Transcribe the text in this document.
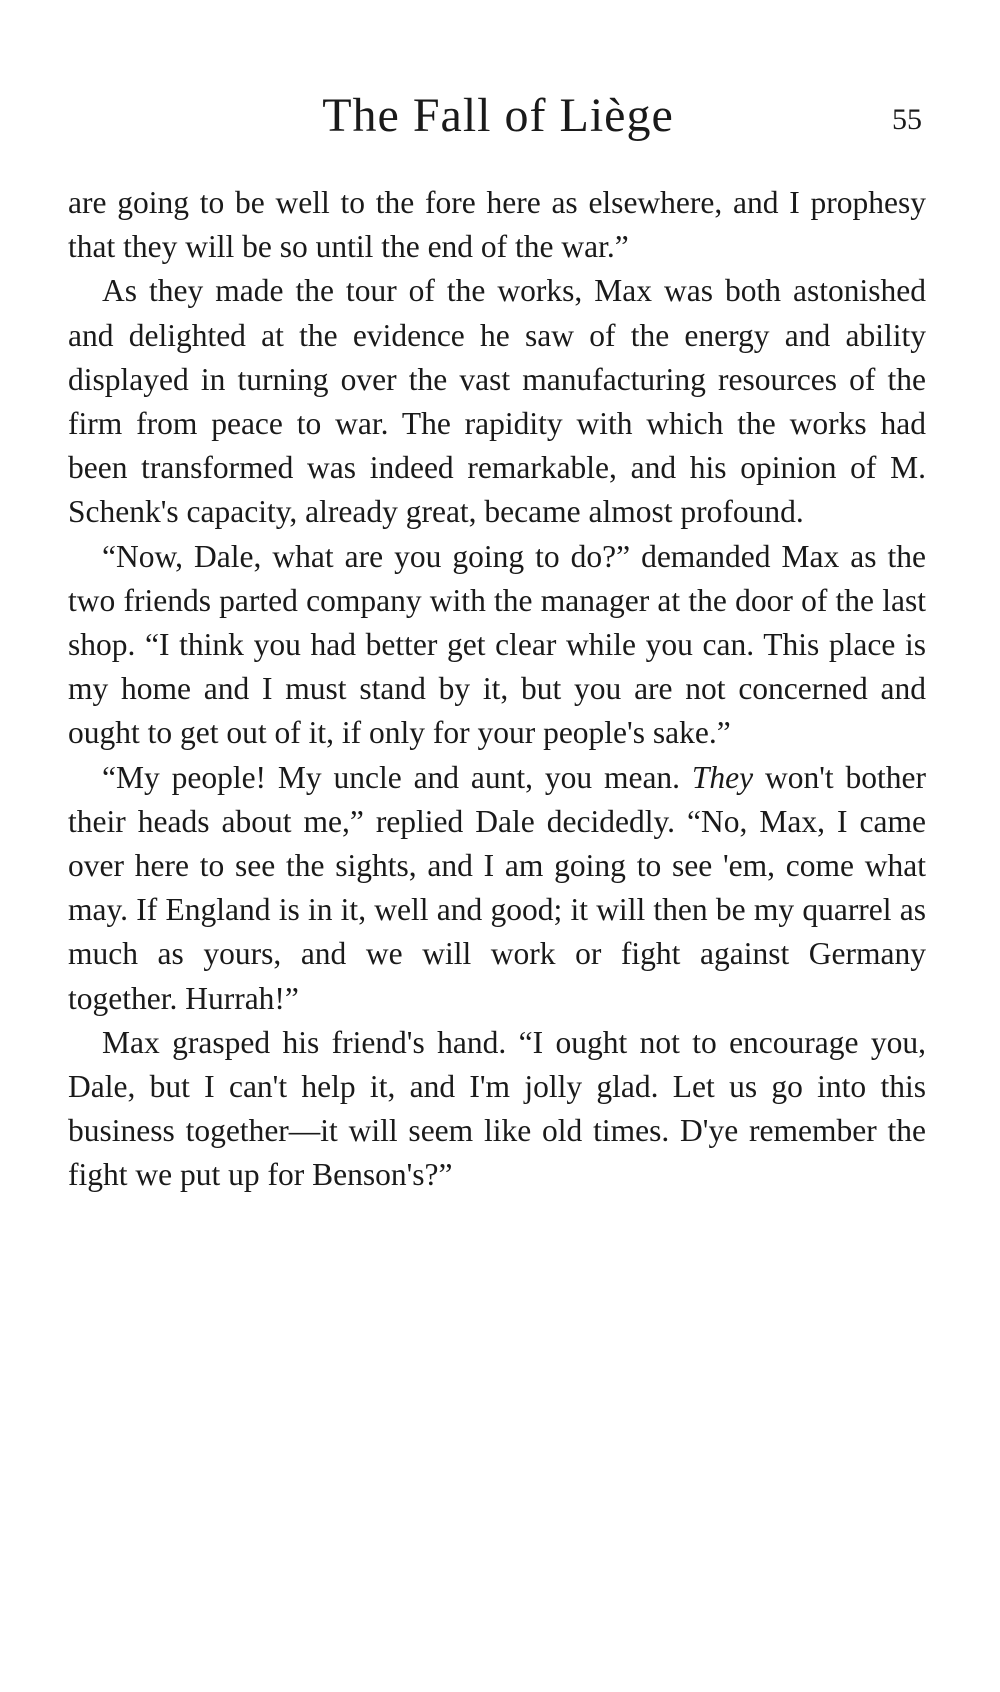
The Fall of Liège	55

are going to be well to the fore here as elsewhere, and I prophesy that they will be so until the end of the war.”

As they made the tour of the works, Max was both astonished and delighted at the evidence he saw of the energy and ability displayed in turning over the vast manufacturing resources of the firm from peace to war. The rapidity with which the works had been transformed was indeed remarkable, and his opinion of M. Schenk's capacity, already great, became almost profound.

“Now, Dale, what are you going to do?” demanded Max as the two friends parted company with the manager at the door of the last shop. “I think you had better get clear while you can. This place is my home and I must stand by it, but you are not concerned and ought to get out of it, if only for your people's sake.”

“My people! My uncle and aunt, you mean. They won't bother their heads about me,” replied Dale decidedly. “No, Max, I came over here to see the sights, and I am going to see 'em, come what may. If England is in it, well and good; it will then be my quarrel as much as yours, and we will work or fight against Germany together. Hurrah!”

Max grasped his friend's hand. “I ought not to encourage you, Dale, but I can't help it, and I'm jolly glad. Let us go into this business together—it will seem like old times. D'ye remember the fight we put up for Benson's?”
